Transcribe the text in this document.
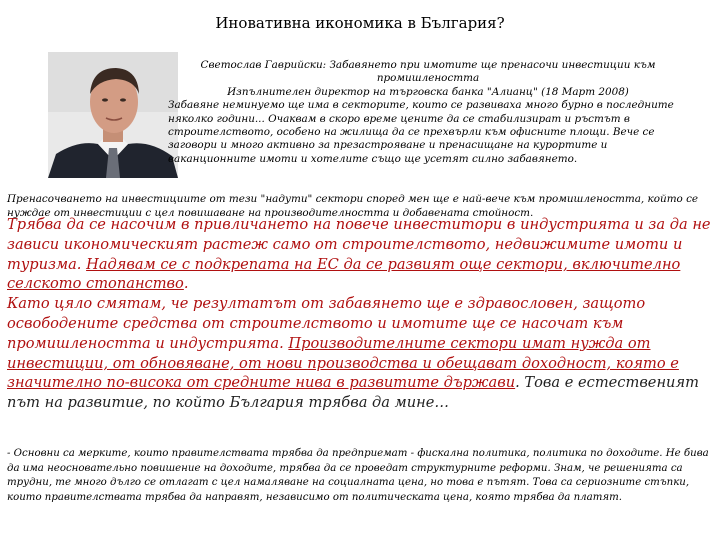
Иновативна икономика в България?
Светослав Гаврийски: Забавянето при имотите ще пренасочи инвестиции към промишлеността
Изпълнителен директор на търговска банка "Алианц" (18 Март 2008)
Забавяне неминуемо ще има в секторите, които се развиваха много бурно в последните няколко години... Очаквам в скоро време цените да се стабилизират и ръстът в строителството, особено на жилища да се прехвърли към офисните площи. Вече се заговори и много активно за презастрояване и пренасищане на курортите и ваканционните имоти и хотелите също ще усетят силно забавянето.
Пренасочването на инвестициите от тези "надути" сектори според мен ще е най-вече към промишлеността, който се нуждае от инвестиции с цел повишаване на производителността и добавената стойност.
Трябва да се насочим в привличането на повече инвеститори в индустрията и за да не зависи икономическият растеж само от строителството, недвижимите имоти и туризма. Надявам се с подкрепата на ЕС да се развият още сектори, включително селското стопанство.
Като цяло смятам, че резултатът от забавянето ще е здравословен, защото освободените средства от строителството и имотите ще се насочат към промишлеността и индустрията. Производителните сектори имат нужда от инвестиции, от обновяване, от нови производства и обещават доходност, която е значително по-висока от средните нива в развитите държави. Това е естественият път на развитие, по който България трябва да мине…
- Основни са мерките, които правителствата трябва да предприемат - фискална политика, политика по доходите. Не бива да има неосновательно повишение на доходите, трябва да се проведат структурните реформи. Знам, че решенията са трудни, те много дълго се отлагат с цел намаляване на социалната цена, но това е пътят. Това са сериозните стъпки, които правителствата трябва да направят, независимо от политическата цена, която трябва да платят.
